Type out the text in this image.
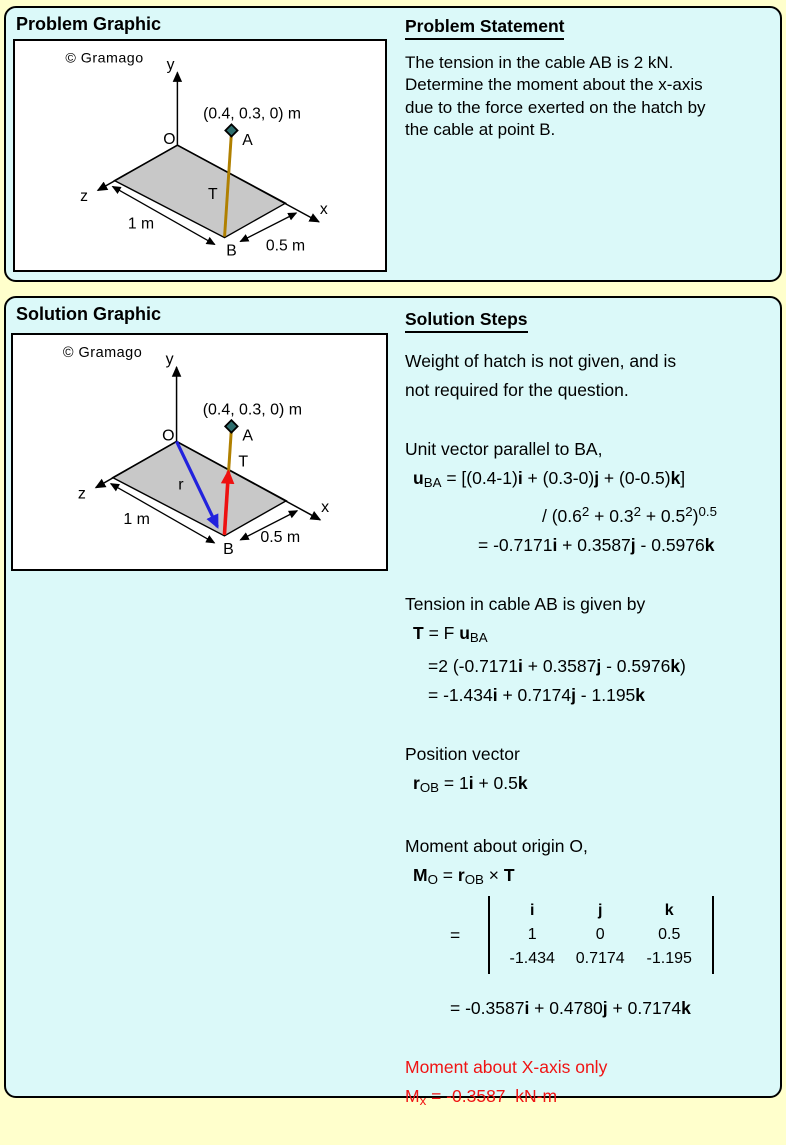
Problem Graphic
© Gramago y
z
x
O	A
(0.4, 0.3, 0) m
T
B
1 m
0.5 m
Problem Statement
The tension in the cable AB is 2 kN.
Determine the moment about the x-axis
due to the force exerted on the hatch by
the cable at point B.
Solution Graphic
© Gramago y
z
x
O	A
(0.4, 0.3, 0) m
T
r
B
1 m
0.5 m
Solution Steps
Weight of hatch is not given, and is
not required for the question.
Unit vector parallel to BA,
$u_{BA} = [(0.4-1)i + (0.3-0)j + (0-0.5)k]$
/ $(0.6^2 + 0.3^2 + 0.5^2)^{0.5}$
= -0.7171i + 0.3587j - 0.5976k
Tension in cable AB is given by
T = F $u_{BA}$
=2 (-0.7171i + 0.3587j - 0.5976k)
= -1.434i + 0.7174j - 1.195k
Position vector
$r_{OB} = 1i + 0.5k$
Moment about origin O,
$M_O = r_{OB} \times T$
=
i	j	k
1	0	0.5
-1.434	0.7174	-1.195
= -0.3587i + 0.4780j + 0.7174k
Moment about X-axis only
$M_x = -0.3587$  kN-m
